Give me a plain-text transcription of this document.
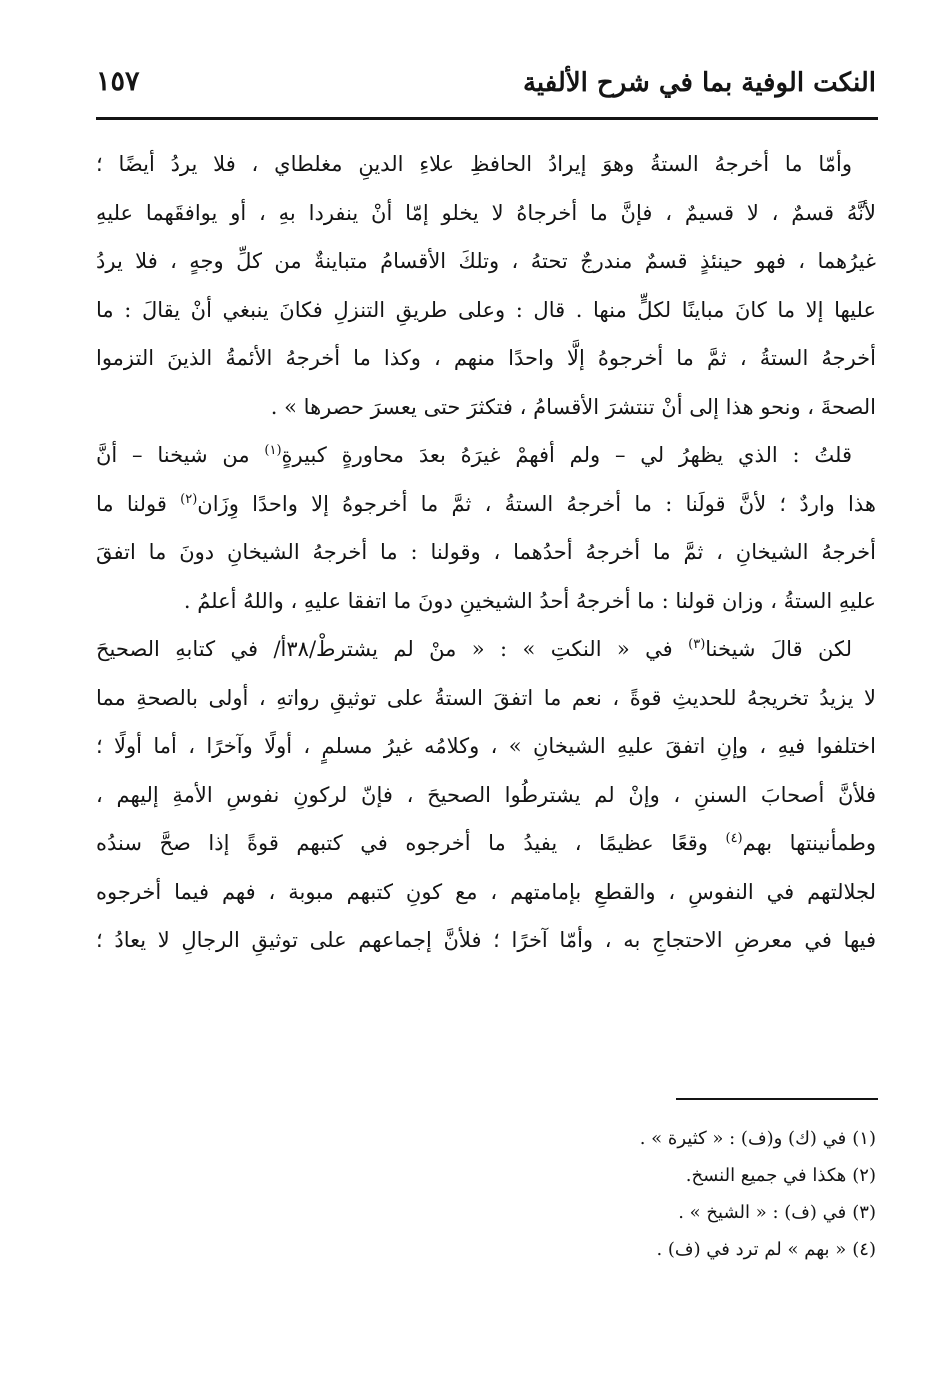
النكت الوفية بما في شرح الألفية
١٥٧

وأمّا ما أخرجهُ الستةُ وهوَ إيرادُ الحافظِ علاءِ الدينِ مغلطاي ، فلا يردُ أيضًا ؛
لأنَّهُ قسمٌ ، لا قسيمٌ ، فإنَّ ما أخرجاهُ لا يخلو إمّا أنْ ينفردا بهِ ، أو يوافقَهما عليهِ
غيرُهما ، فهو حينئذٍ قسمٌ مندرجٌ تحتهُ ، وتلكَ الأقسامُ متباينةٌ من كلِّ وجهٍ ، فلا يردُ
عليها إلا ما كانَ مباينًا لكلٍّ منها . قال : وعلى طريقِ التنزلِ فكانَ ينبغي أنْ يقالَ : ما
أخرجهُ الستةُ ، ثمَّ ما أخرجوهُ إلَّا واحدًا منهم ، وكذا ما أخرجهُ الأئمةُ الذينَ التزموا
الصحةَ ، ونحو هذا إلى أنْ تنتشرَ الأقسامُ ، فتكثرَ حتى يعسرَ حصرها » .

قلتُ : الذي يظهرُ لي – ولم أفهمْ غيرَهُ بعدَ محاورةٍ كبيرةٍ$^{(١)}$ من شيخنا – أنَّ
هذا واردٌ ؛ لأنَّ قولَنا : ما أخرجهُ الستةُ ، ثمَّ ما أخرجوهُ إلا واحدًا وِزَان$^{(٢)}$ قولنا ما
أخرجهُ الشيخانِ ، ثمَّ ما أخرجهُ أحدُهما ، وقولنا : ما أخرجهُ الشيخانِ دونَ ما اتفقَ
عليهِ الستةُ ، وزان قولنا : ما أخرجهُ أحدُ الشيخينِ دونَ ما اتفقا عليهِ ، واللهُ أعلمُ .

لكن قالَ شيخنا$^{(٣)}$ في « النكتِ » : « منْ لم يشترطْ/٣٨أ/ في كتابهِ الصحيحَ
لا يزيدُ تخريجهُ للحديثِ قوةً ، نعم ما اتفقَ الستةُ على توثيقِ رواتهِ ، أولى بالصحةِ مما
اختلفوا فيهِ ، وإنِ اتفقَ عليهِ الشيخانِ » ، وكلامُه غيرُ مسلمٍ ، أولًا وآخرًا ، أما أولًا ؛
فلأنَّ أصحابَ السننِ ، وإنْ لم يشترطُوا الصحيحَ ، فإنّ لركونِ نفوسِ الأمةِ إليهم ،
وطمأنينتها بهم$^{(٤)}$ وقعًا عظيمًا ، يفيدُ ما أخرجوه في كتبهم قوةً إذا صحَّ سندُه
لجلالتهم في النفوسِ ، والقطعِ بإمامتهم ، مع كونِ كتبهم مبوبة ، فهم فيما أخرجوه
فيها في معرضِ الاحتجاجِ به ، وأمّا آخرًا ؛ فلأنَّ إجماعهم على توثيقِ الرجالِ لا يعادُ ؛

(١)في (ك) و(ف) : « كثيرة » .
(٢)هكذا في جميع النسخ.
(٣)في (ف) : « الشيخ » .
(٤)« بهم » لم ترد في (ف) .
